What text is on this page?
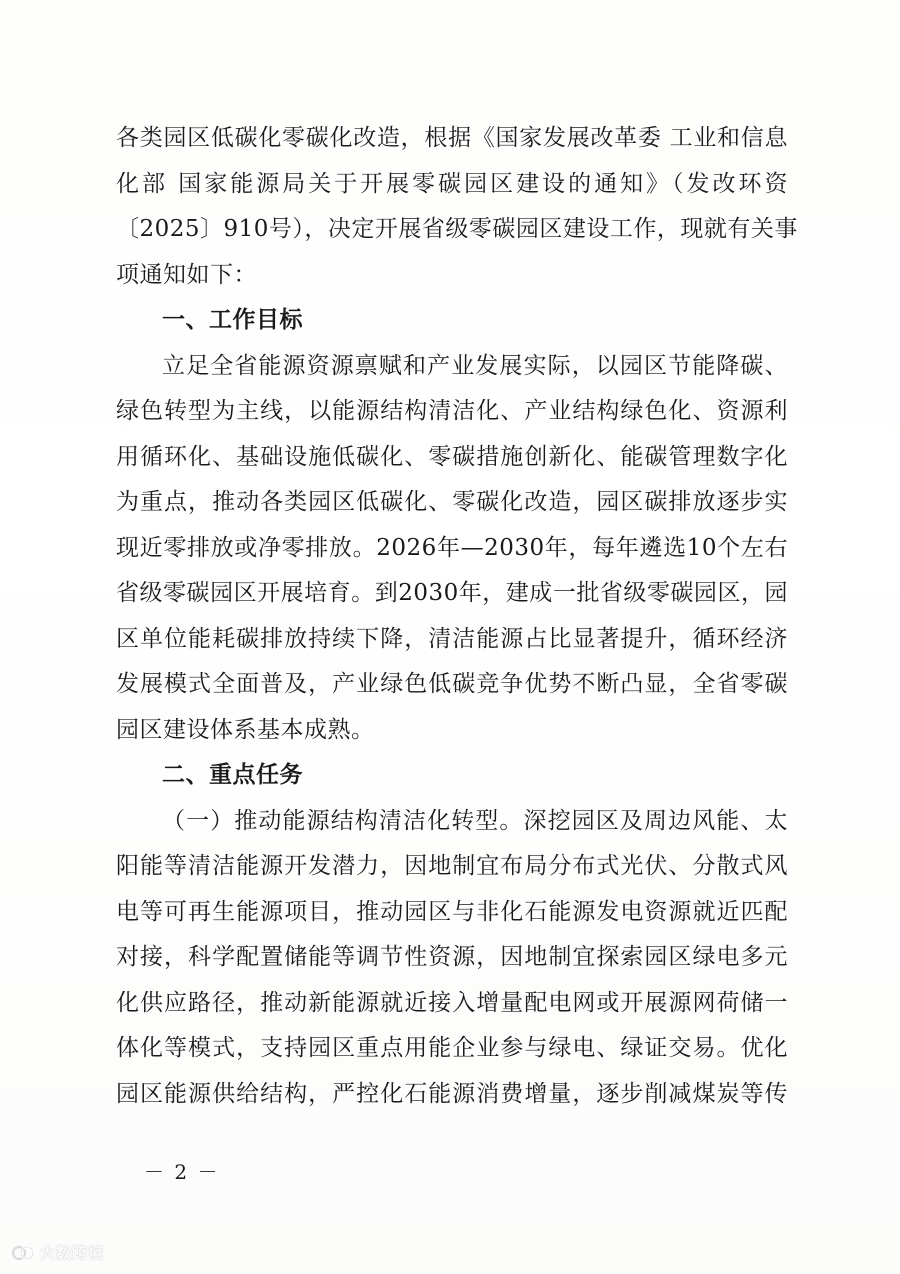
各类园区低碳化零碳化改造，根据《国家发展改革委 工业和信息
化部 国家能源局关于开展零碳园区建设的通知》（发改环资
〔2025〕910号），决定开展省级零碳园区建设工作，现就有关事
项通知如下：
一、工作目标
立足全省能源资源禀赋和产业发展实际，以园区节能降碳、
绿色转型为主线，以能源结构清洁化、产业结构绿色化、资源利
用循环化、基础设施低碳化、零碳措施创新化、能碳管理数字化
为重点，推动各类园区低碳化、零碳化改造，园区碳排放逐步实
现近零排放或净零排放。2026年—2030年，每年遴选10个左右
省级零碳园区开展培育。到2030年，建成一批省级零碳园区，园
区单位能耗碳排放持续下降，清洁能源占比显著提升，循环经济
发展模式全面普及，产业绿色低碳竞争优势不断凸显，全省零碳
园区建设体系基本成熟。
二、重点任务
（一）推动能源结构清洁化转型。深挖园区及周边风能、太
阳能等清洁能源开发潜力，因地制宜布局分布式光伏、分散式风
电等可再生能源项目，推动园区与非化石能源发电资源就近匹配
对接，科学配置储能等调节性资源，因地制宜探索园区绿电多元
化供应路径，推动新能源就近接入增量配电网或开展源网荷储一
体化等模式，支持园区重点用能企业参与绿电、绿证交易。优化
园区能源供给结构，严控化石能源消费增量，逐步削减煤炭等传
－ 2 －
大数跨境
